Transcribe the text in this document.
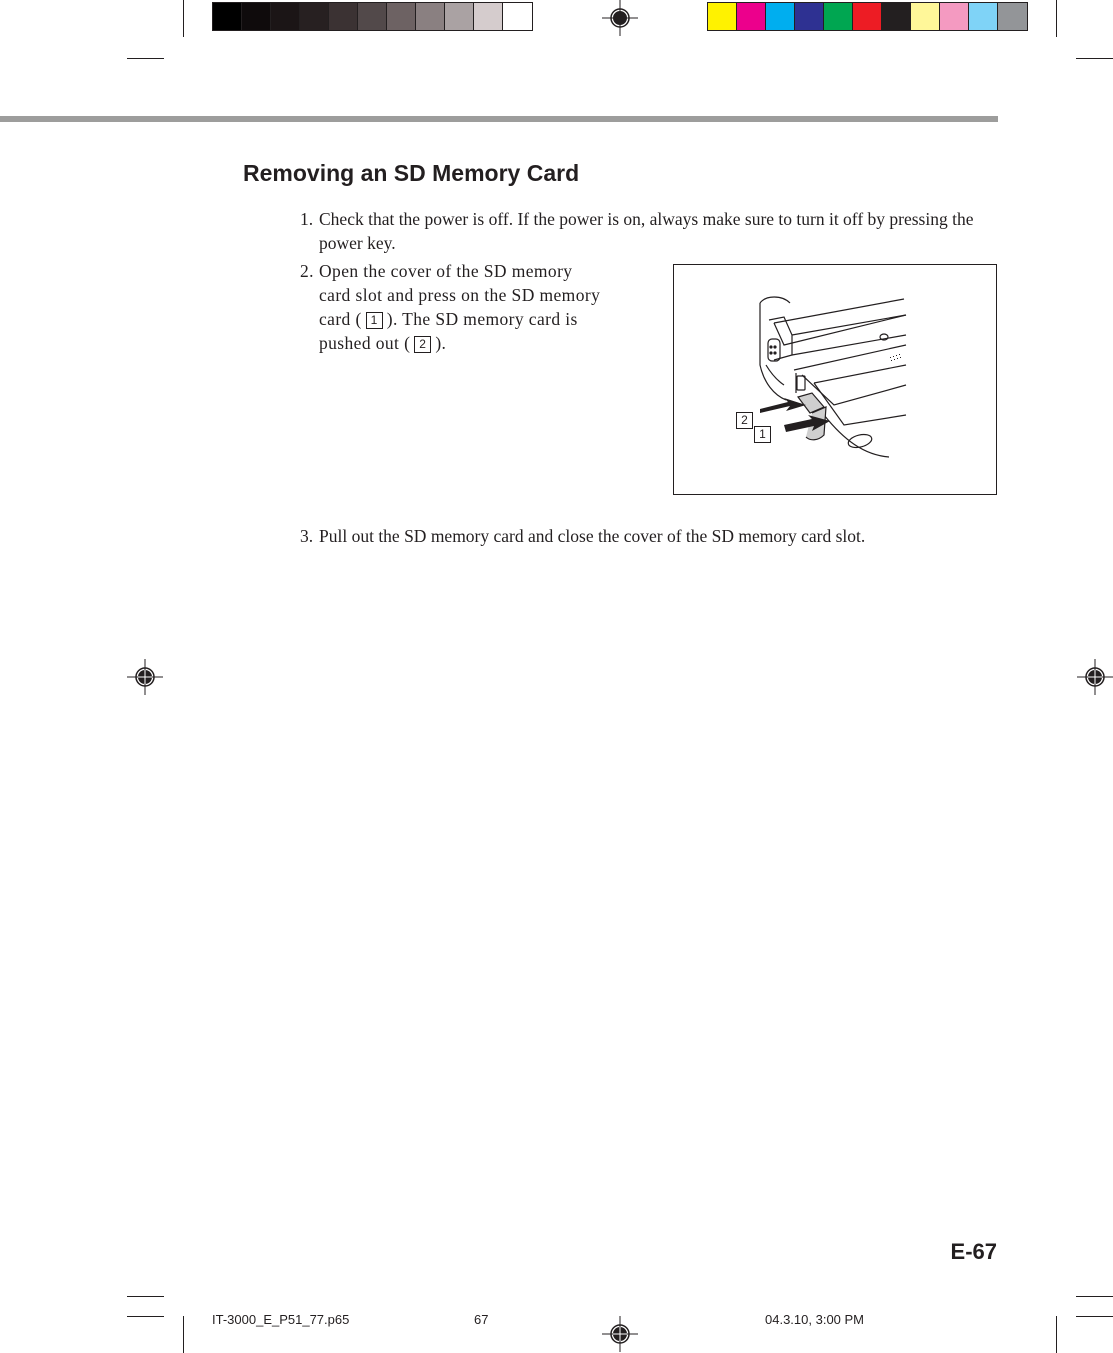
Removing an SD Memory Card
1. Check that the power is off. If the power is on, always make sure to turn it off by pressing the power key.
2. Open the cover of the SD memory
card slot and press on the SD memory
card ( 1 ). The SD memory card is
pushed out ( 2 ).
2
1
3. Pull out the SD memory card and close the cover of the SD memory card slot.
E-67
IT-3000_E_P51_77.p65	67	04.3.10, 3:00 PM
